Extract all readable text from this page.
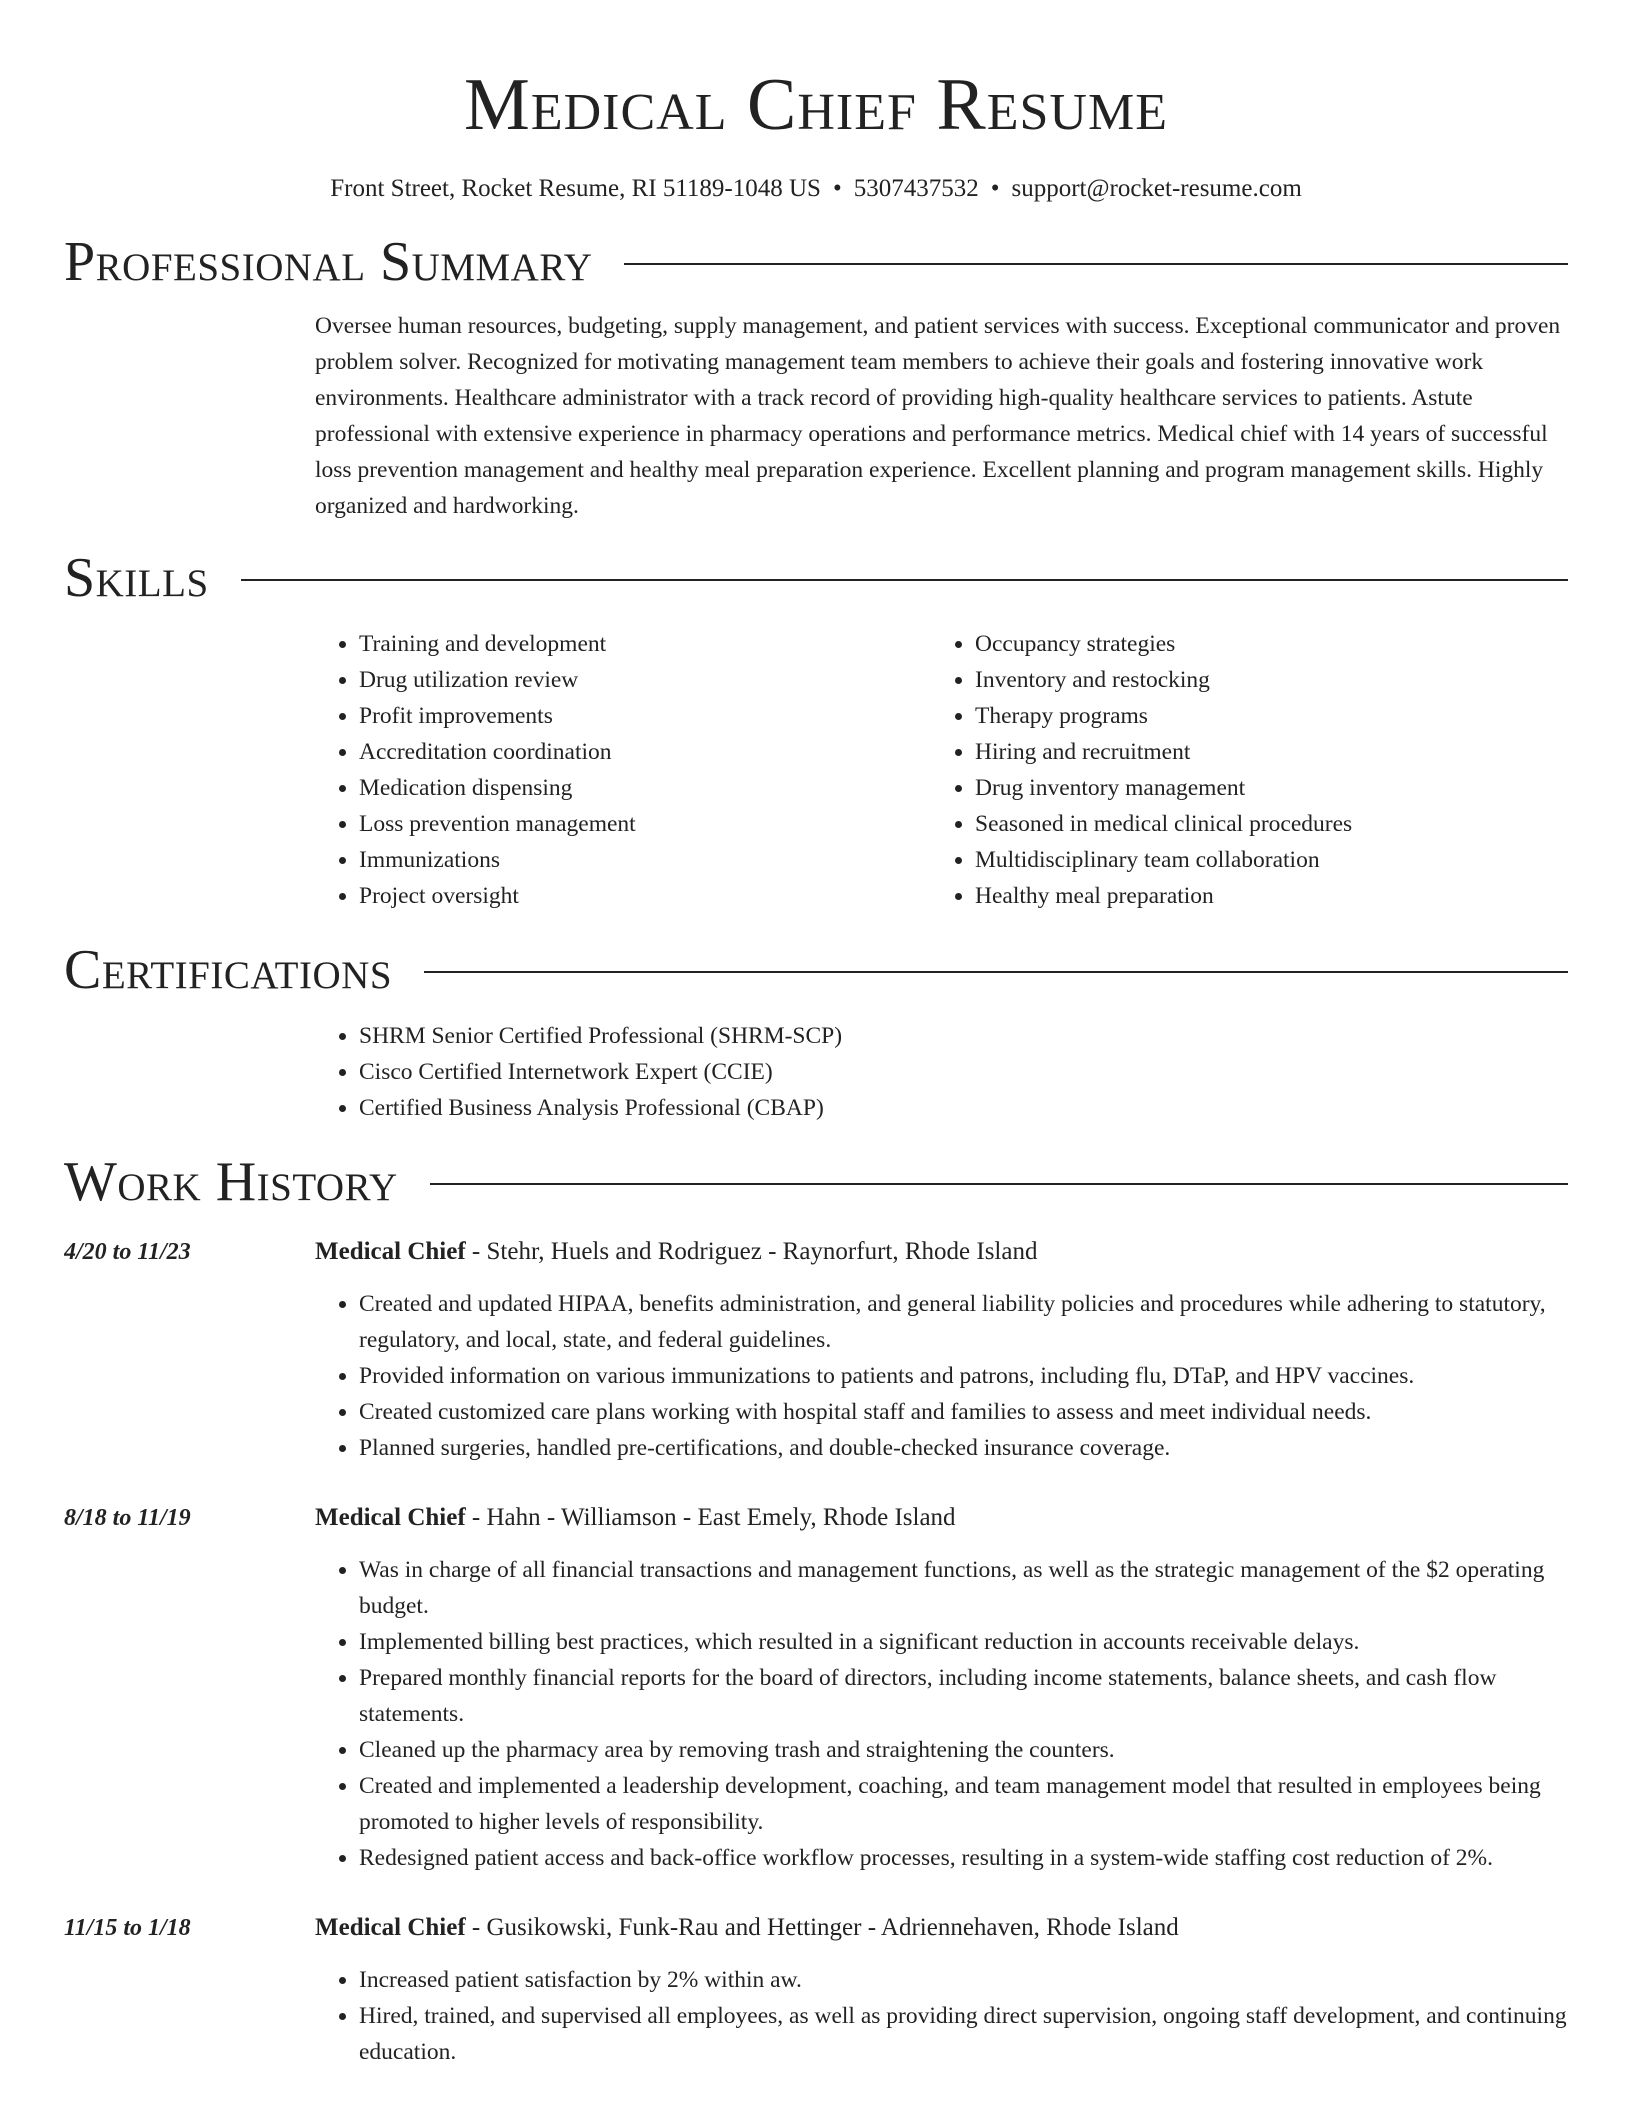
Medical Chief Resume
Front Street, Rocket Resume, RI 51189-1048 US • 5307437532 • support@rocket-resume.com
Professional Summary

Oversee human resources, budgeting, supply management, and patient services with success. Exceptional communicator and proven problem solver. Recognized for motivating management team members to achieve their goals and fostering innovative work environments. Healthcare administrator with a track record of providing high-quality healthcare services to patients. Astute professional with extensive experience in pharmacy operations and performance metrics. Medical chief with 14 years of successful loss prevention management and healthy meal preparation experience. Excellent planning and program management skills. Highly organized and hardworking.

Skills
• Training and development
• Drug utilization review
• Profit improvements
• Accreditation coordination
• Medication dispensing
• Loss prevention management
• Immunizations
• Project oversight
• Occupancy strategies
• Inventory and restocking
• Therapy programs
• Hiring and recruitment
• Drug inventory management
• Seasoned in medical clinical procedures
• Multidisciplinary team collaboration
• Healthy meal preparation
Certifications
• SHRM Senior Certified Professional (SHRM-SCP)
• Cisco Certified Internetwork Expert (CCIE)
• Certified Business Analysis Professional (CBAP)
Work History
4/20 to 11/23	Medical Chief - Stehr, Huels and Rodriguez - Raynorfurt, Rhode Island
• Created and updated HIPAA, benefits administration, and general liability policies and procedures while adhering to statutory, regulatory, and local, state, and federal guidelines.
• Provided information on various immunizations to patients and patrons, including flu, DTaP, and HPV vaccines.
• Created customized care plans working with hospital staff and families to assess and meet individual needs.
• Planned surgeries, handled pre-certifications, and double-checked insurance coverage.
8/18 to 11/19	Medical Chief - Hahn - Williamson - East Emely, Rhode Island
• Was in charge of all financial transactions and management functions, as well as the strategic management of the $2 operating budget.
• Implemented billing best practices, which resulted in a significant reduction in accounts receivable delays.
• Prepared monthly financial reports for the board of directors, including income statements, balance sheets, and cash flow statements.
• Cleaned up the pharmacy area by removing trash and straightening the counters.
• Created and implemented a leadership development, coaching, and team management model that resulted in employees being promoted to higher levels of responsibility.
• Redesigned patient access and back-office workflow processes, resulting in a system-wide staffing cost reduction of 2%.
11/15 to 1/18	Medical Chief - Gusikowski, Funk-Rau and Hettinger - Adriennehaven, Rhode Island
• Increased patient satisfaction by 2% within aw.
• Hired, trained, and supervised all employees, as well as providing direct supervision, ongoing staff development, and continuing education.
